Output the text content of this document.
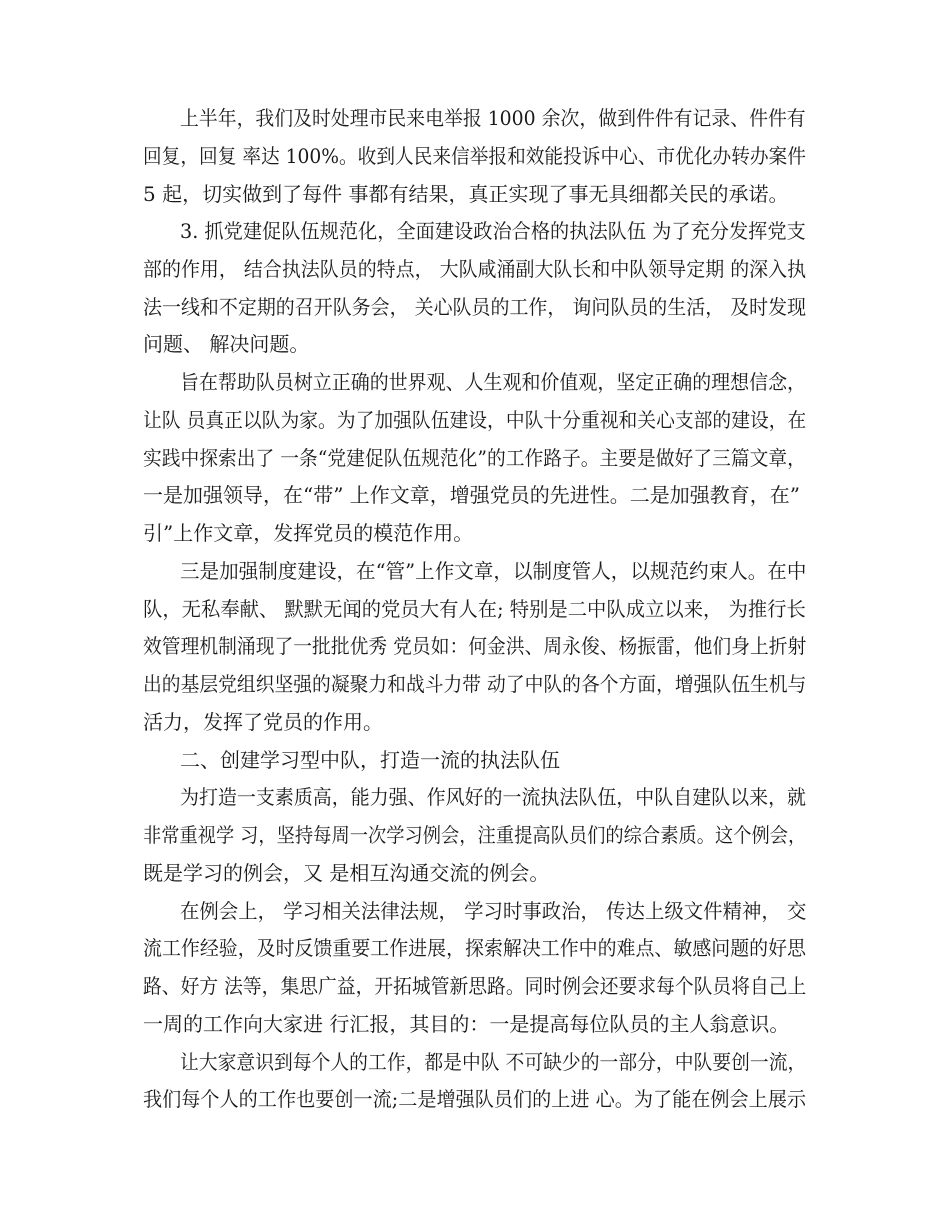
上半年，我们及时处理市民来电举报 1000 余次，做到件件有记录、件件有
回复，回复 率达 100%。收到人民来信举报和效能投诉中心、市优化办转办案件
5 起，切实做到了每件 事都有结果，真正实现了事无具细都关民的承诺。
3. 抓党建促队伍规范化，全面建设政治合格的执法队伍 为了充分发挥党支
部的作用， 结合执法队员的特点， 大队咸涌副大队长和中队领导定期 的深入执
法一线和不定期的召开队务会， 关心队员的工作， 询问队员的生活， 及时发现
问题、 解决问题。
旨在帮助队员树立正确的世界观、人生观和价值观，坚定正确的理想信念，
让队 员真正以队为家。为了加强队伍建设，中队十分重视和关心支部的建设，在
实践中探索出了 一条“党建促队伍规范化”的工作路子。主要是做好了三篇文章，
一是加强领导，在“带” 上作文章，增强党员的先进性。二是加强教育，在”
引”上作文章，发挥党员的模范作用。
三是加强制度建设，在“管”上作文章，以制度管人，以规范约束人。在中
队，无私奉献、 默默无闻的党员大有人在; 特别是二中队成立以来， 为推行长
效管理机制涌现了一批批优秀 党员如：何金洪、周永俊、杨振雷，他们身上折射
出的基层党组织坚强的凝聚力和战斗力带 动了中队的各个方面，增强队伍生机与
活力，发挥了党员的作用。
二、创建学习型中队，打造一流的执法队伍
为打造一支素质高，能力强、作风好的一流执法队伍，中队自建队以来，就
非常重视学 习，坚持每周一次学习例会，注重提高队员们的综合素质。这个例会，
既是学习的例会，又 是相互沟通交流的例会。
在例会上， 学习相关法律法规， 学习时事政治， 传达上级文件精神， 交
流工作经验，及时反馈重要工作进展，探索解决工作中的难点、敏感问题的好思
路、好方 法等，集思广益，开拓城管新思路。同时例会还要求每个队员将自己上
一周的工作向大家进 行汇报，其目的：一是提高每位队员的主人翁意识。
让大家意识到每个人的工作，都是中队 不可缺少的一部分，中队要创一流，
我们每个人的工作也要创一流;二是增强队员们的上进 心。为了能在例会上展示
